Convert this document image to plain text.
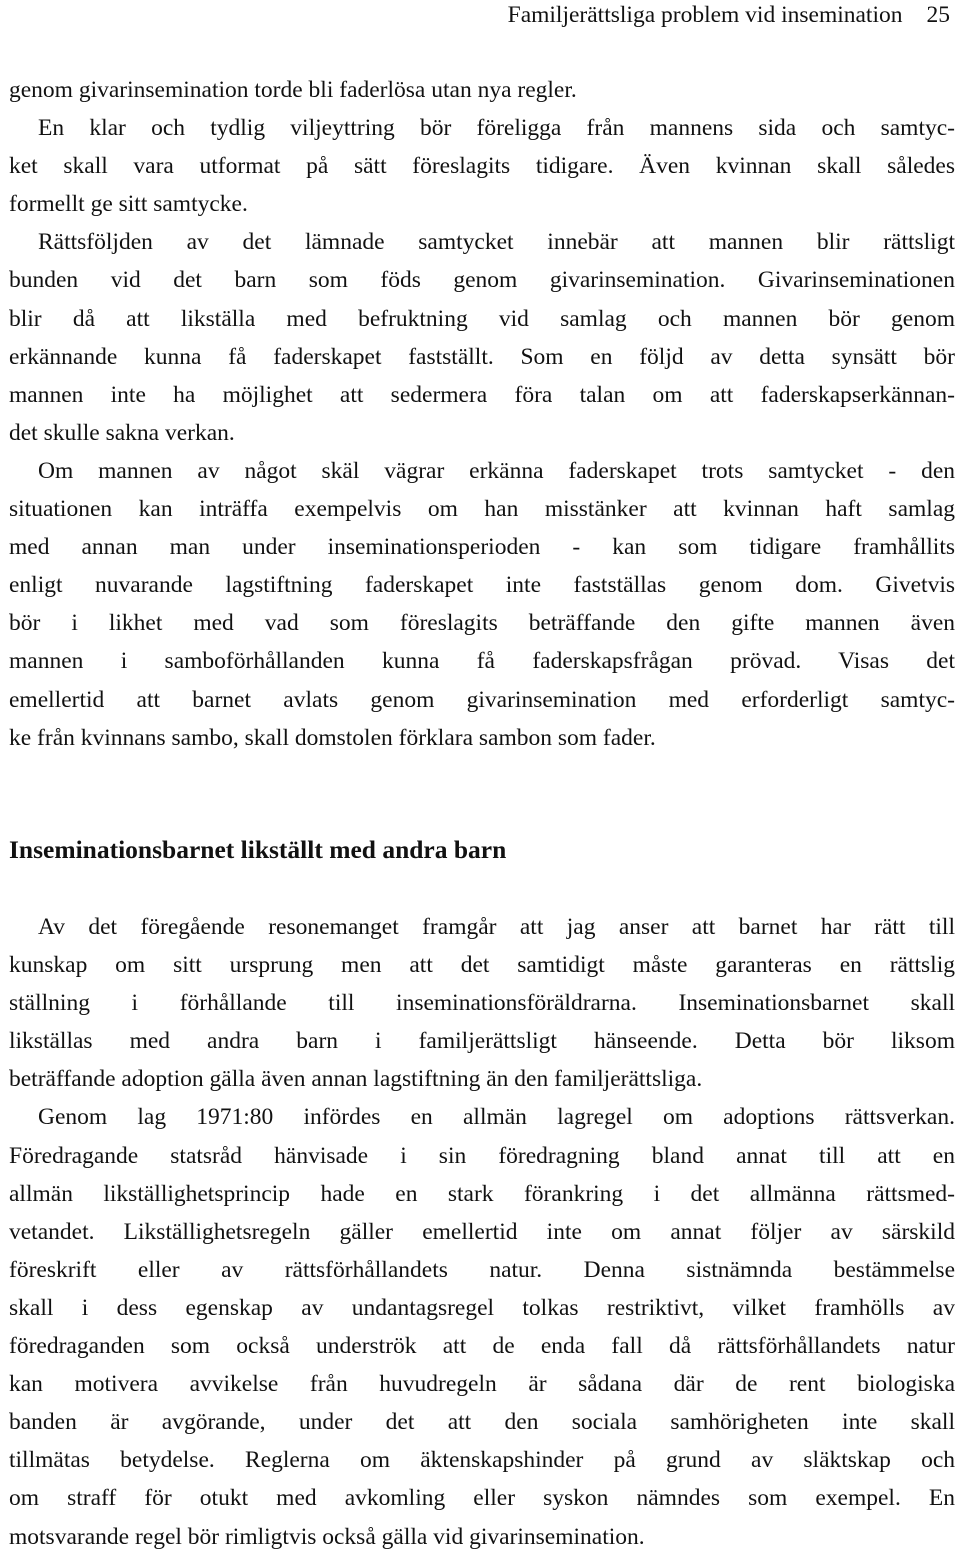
Familjerättsliga problem vid insemination 25
genom givarinsemination torde bli faderlösa utan nya regler.
En klar och tydlig viljeyttring bör föreligga från mannens sida och samtyc-
ket skall vara utformat på sätt föreslagits tidigare. Även kvinnan skall således
formellt ge sitt samtycke.
Rättsföljden av det lämnade samtycket innebär att mannen blir rättsligt
bunden vid det barn som föds genom givarinsemination. Givarinseminationen
blir då att likställa med befruktning vid samlag och mannen bör genom
erkännande kunna få faderskapet fastställt. Som en följd av detta synsätt bör
mannen inte ha möjlighet att sedermera föra talan om att faderskapserkännan-
det skulle sakna verkan.
Om mannen av något skäl vägrar erkänna faderskapet trots samtycket - den
situationen kan inträffa exempelvis om han misstänker att kvinnan haft samlag
med annan man under inseminationsperioden - kan som tidigare framhållits
enligt nuvarande lagstiftning faderskapet inte fastställas genom dom. Givetvis
bör i likhet med vad som föreslagits beträffande den gifte mannen även
mannen i samboförhållanden kunna få faderskapsfrågan prövad. Visas det
emellertid att barnet avlats genom givarinsemination med erforderligt samtyc-
ke från kvinnans sambo, skall domstolen förklara sambon som fader.
Inseminationsbarnet likställt med andra barn
Av det föregående resonemanget framgår att jag anser att barnet har rätt till
kunskap om sitt ursprung men att det samtidigt måste garanteras en rättslig
ställning i förhållande till inseminationsföräldrarna. Inseminationsbarnet skall
likställas med andra barn i familjerättsligt hänseende. Detta bör liksom
beträffande adoption gälla även annan lagstiftning än den familjerättsliga.
Genom lag 1971:80 infördes en allmän lagregel om adoptions rättsverkan.
Föredragande statsråd hänvisade i sin föredragning bland annat till att en
allmän likställighetsprincip hade en stark förankring i det allmänna rättsmed-
vetandet. Likställighetsregeln gäller emellertid inte om annat följer av särskild
föreskrift eller av rättsförhållandets natur. Denna sistnämnda bestämmelse
skall i dess egenskap av undantagsregel tolkas restriktivt, vilket framhölls av
föredraganden som också underströk att de enda fall då rättsförhållandets natur
kan motivera avvikelse från huvudregeln är sådana där de rent biologiska
banden är avgörande, under det att den sociala samhörigheten inte skall
tillmätas betydelse. Reglerna om äktenskapshinder på grund av släktskap och
om straff för otukt med avkomling eller syskon nämndes som exempel. En
motsvarande regel bör rimligtvis också gälla vid givarinsemination.
